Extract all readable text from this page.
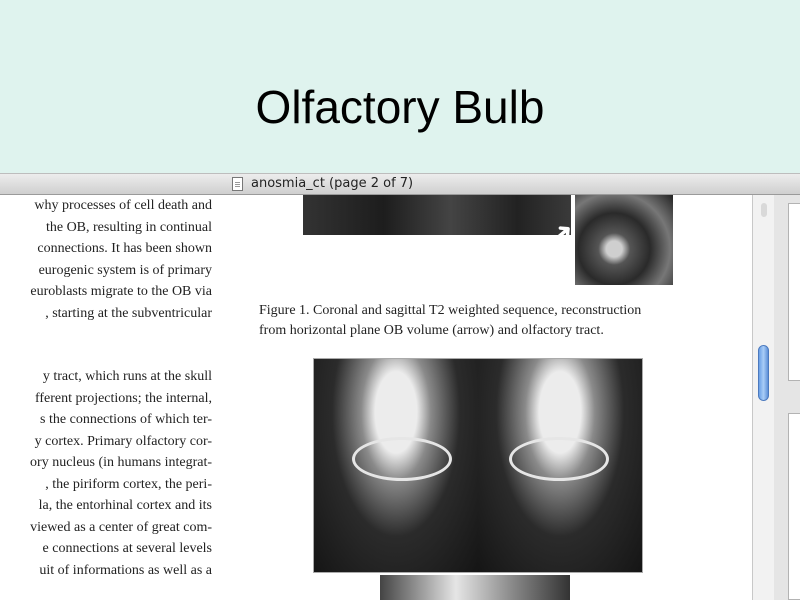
Olfactory Bulb
anosmia_ct (page 2 of 7)
why processes of cell death and
the OB, resulting in continual
connections. It has been shown
eurogenic system is of primary
euroblasts migrate to the OB via
, starting at the subventricular
y tract, which runs at the skull
fferent projections; the internal,
s the connections of which ter-
y cortex. Primary olfactory cor-
ory nucleus (in humans integrat-
, the piriform cortex, the peri-
la, the entorhinal cortex and its
viewed as a center of great com-
e connections at several levels
uit of informations as well as a
➜
Figure 1. Coronal and sagittal T2 weighted sequence, reconstruction
from horizontal plane OB volume (arrow) and olfactory tract.
